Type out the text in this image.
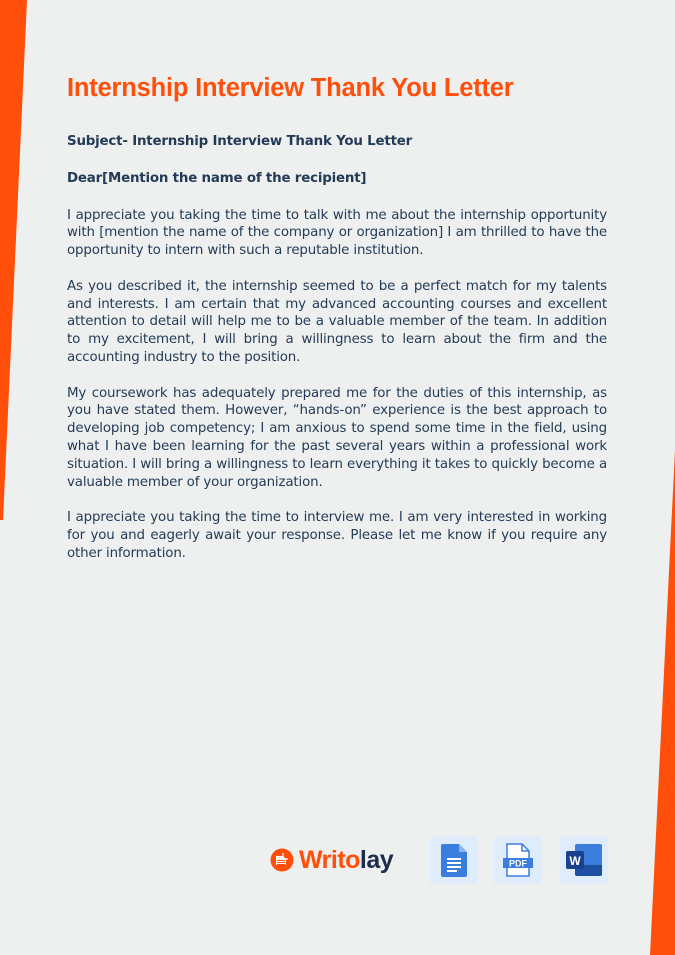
Internship Interview Thank You Letter

Subject- Internship Interview Thank You Letter

Dear[Mention the name of the recipient]

I appreciate you taking the time to talk with me about the internship opportunity with [mention the name of the company or organization] I am thrilled to have the opportunity to intern with such a reputable institution.

As you described it, the internship seemed to be a perfect match for my talents and interests. I am certain that my advanced accounting courses and excellent attention to detail will help me to be a valuable member of the team. In addition to my excitement, I will bring a willingness to learn about the firm and the accounting industry to the position.

My coursework has adequately prepared me for the duties of this internship, as you have stated them. However, “hands-on” experience is the best approach to developing job competency; I am anxious to spend some time in the field, using what I have been learning for the past several years within a professional work situation. I will bring a willingness to learn everything it takes to quickly become a valuable member of your organization.

I appreciate you taking the time to interview me. I am very interested in working for you and eagerly await your response. Please let me know if you require any other information.

Writolay	PDF	W
